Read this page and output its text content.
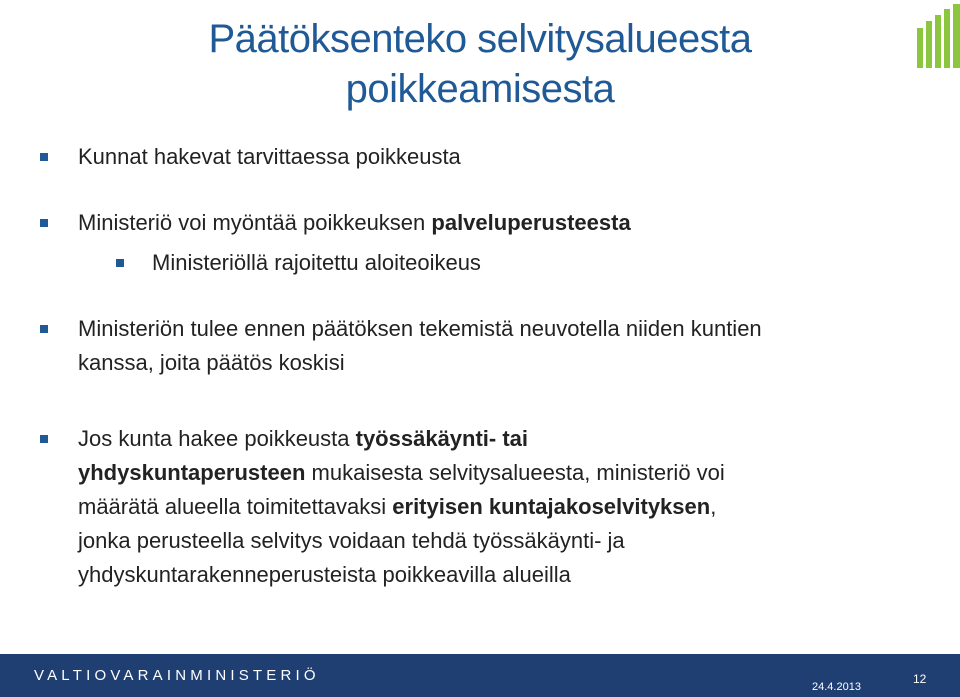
Päätöksenteko selvitysalueesta
poikkeamisesta

Kunnat hakevat tarvittaessa poikkeusta

Ministeriö voi myöntää poikkeuksen palveluperusteesta

Ministeriöllä rajoitettu aloiteoikeus

Ministeriön tulee ennen päätöksen tekemistä neuvotella niiden kuntien

kanssa, joita päätös koskisi

Jos kunta hakee poikkeusta työssäkäynti- tai

yhdyskuntaperusteen mukaisesta selvitysalueesta, ministeriö voi

määrätä alueella toimitettavaksi erityisen kuntajakoselvityksen,

jonka perusteella selvitys voidaan tehdä työssäkäynti- ja

yhdyskuntarakenneperusteista poikkeavilla alueilla

VALTIOVARAINMINISTERIÖ
24.4.2013
12
